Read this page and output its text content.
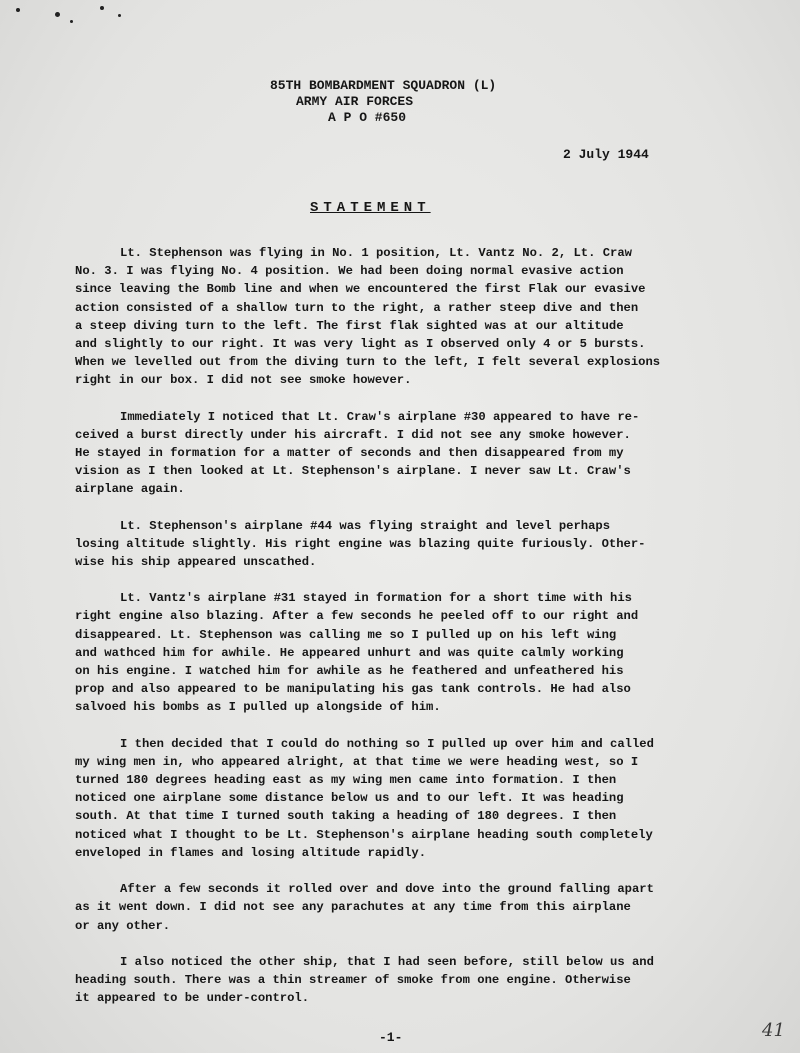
85TH BOMBARDMENT SQUADRON (L)
ARMY AIR FORCES
A P O #650
2 July 1944
STATEMENT
Lt. Stephenson was flying in No. 1 position, Lt. Vantz No. 2, Lt. Craw
No. 3. I was flying No. 4 position. We had been doing normal evasive action
since leaving the Bomb line and when we encountered the first Flak our evasive
action consisted of a shallow turn to the right, a rather steep dive and then
a steep diving turn to the left. The first flak sighted was at our altitude
and slightly to our right. It was very light as I observed only 4 or 5 bursts.
When we levelled out from the diving turn to the left, I felt several explosions
right in our box. I did not see smoke however.
Immediately I noticed that Lt. Craw's airplane #30 appeared to have re-
ceived a burst directly under his aircraft. I did not see any smoke however.
He stayed in formation for a matter of seconds and then disappeared from my
vision as I then looked at Lt. Stephenson's airplane. I never saw Lt. Craw's
airplane again.
Lt. Stephenson's airplane #44 was flying straight and level perhaps
losing altitude slightly. His right engine was blazing quite furiously. Other-
wise his ship appeared unscathed.
Lt. Vantz's airplane #31 stayed in formation for a short time with his
right engine also blazing. After a few seconds he peeled off to our right and
disappeared. Lt. Stephenson was calling me so I pulled up on his left wing
and wathced him for awhile. He appeared unhurt and was quite calmly working
on his engine. I watched him for awhile as he feathered and unfeathered his
prop and also appeared to be manipulating his gas tank controls. He had also
salvoed his bombs as I pulled up alongside of him.
I then decided that I could do nothing so I pulled up over him and called
my wing men in, who appeared alright, at that time we were heading west, so I
turned 180 degrees heading east as my wing men came into formation. I then
noticed one airplane some distance below us and to our left. It was heading
south. At that time I turned south taking a heading of 180 degrees. I then
noticed what I thought to be Lt. Stephenson's airplane heading south completely
enveloped in flames and losing altitude rapidly.
After a few seconds it rolled over and dove into the ground falling apart
as it went down. I did not see any parachutes at any time from this airplane
or any other.
I also noticed the other ship, that I had seen before, still below us and
heading south. There was a thin streamer of smoke from one engine. Otherwise
it appeared to be under-control.
-1-	41
